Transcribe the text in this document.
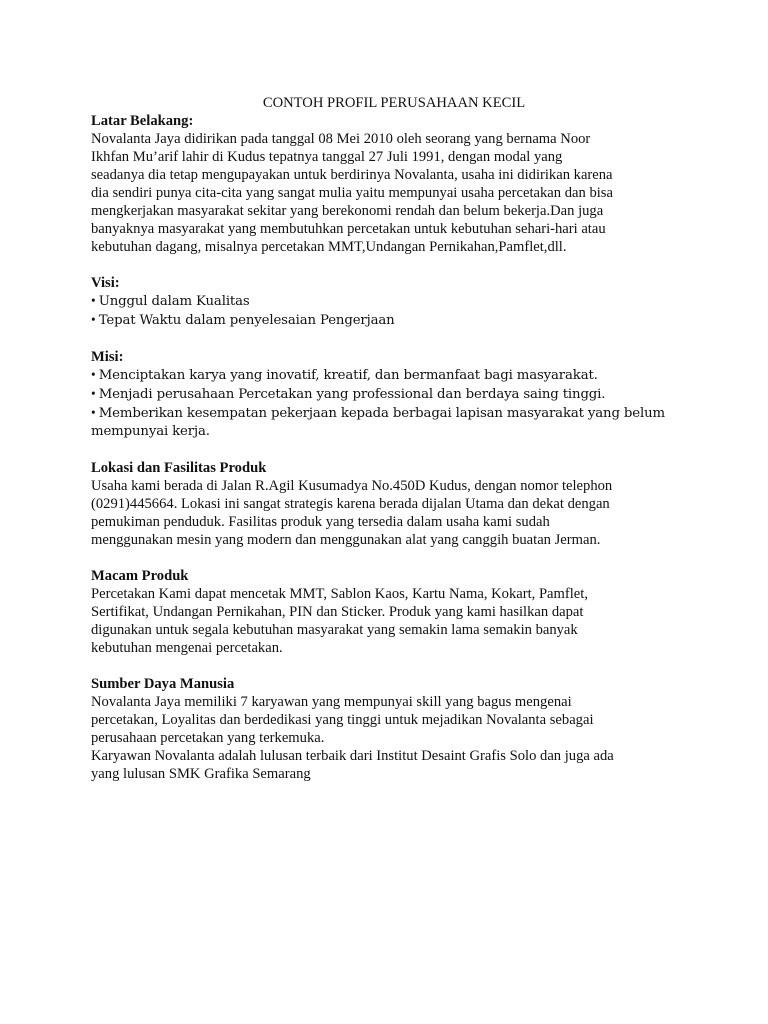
CONTOH PROFIL PERUSAHAAN KECIL

Latar Belakang:

Novalanta Jaya didirikan pada tanggal 08 Mei 2010 oleh seorang yang bernama Noor
Ikhfan Mu’arif lahir di Kudus tepatnya tanggal 27 Juli 1991, dengan modal yang
seadanya dia tetap mengupayakan untuk berdirinya Novalanta, usaha ini didirikan karena
dia sendiri punya cita-cita yang sangat mulia yaitu mempunyai usaha percetakan dan bisa
mengkerjakan masyarakat sekitar yang berekonomi rendah dan belum bekerja.Dan juga
banyaknya masyarakat yang membutuhkan percetakan untuk kebutuhan sehari-hari atau
kebutuhan dagang, misalnya percetakan MMT,Undangan Pernikahan,Pamflet,dll.

Visi:

• Unggul dalam Kualitas
• Tepat Waktu dalam penyelesaian Pengerjaan

Misi:

• Menciptakan karya yang inovatif, kreatif, dan bermanfaat bagi masyarakat.
• Menjadi perusahaan Percetakan yang professional dan berdaya saing tinggi.
• Memberikan kesempatan pekerjaan kepada berbagai lapisan masyarakat yang belum
mempunyai kerja.

Lokasi dan Fasilitas Produk

Usaha kami berada di Jalan R.Agil Kusumadya No.450D Kudus, dengan nomor telephon
(0291)445664. Lokasi ini sangat strategis karena berada dijalan Utama dan dekat dengan
pemukiman penduduk. Fasilitas produk yang tersedia dalam usaha kami sudah
menggunakan mesin yang modern dan menggunakan alat yang canggih buatan Jerman.

Macam Produk

Percetakan Kami dapat mencetak MMT, Sablon Kaos, Kartu Nama, Kokart, Pamflet,
Sertifikat, Undangan Pernikahan, PIN dan Sticker. Produk yang kami hasilkan dapat
digunakan untuk segala kebutuhan masyarakat yang semakin lama semakin banyak
kebutuhan mengenai percetakan.

Sumber Daya Manusia

Novalanta Jaya memiliki 7 karyawan yang mempunyai skill yang bagus mengenai
percetakan, Loyalitas dan berdedikasi yang tinggi untuk mejadikan Novalanta sebagai
perusahaan percetakan yang terkemuka.
Karyawan Novalanta adalah lulusan terbaik dari Institut Desaint Grafis Solo dan juga ada
yang lulusan SMK Grafika Semarang
